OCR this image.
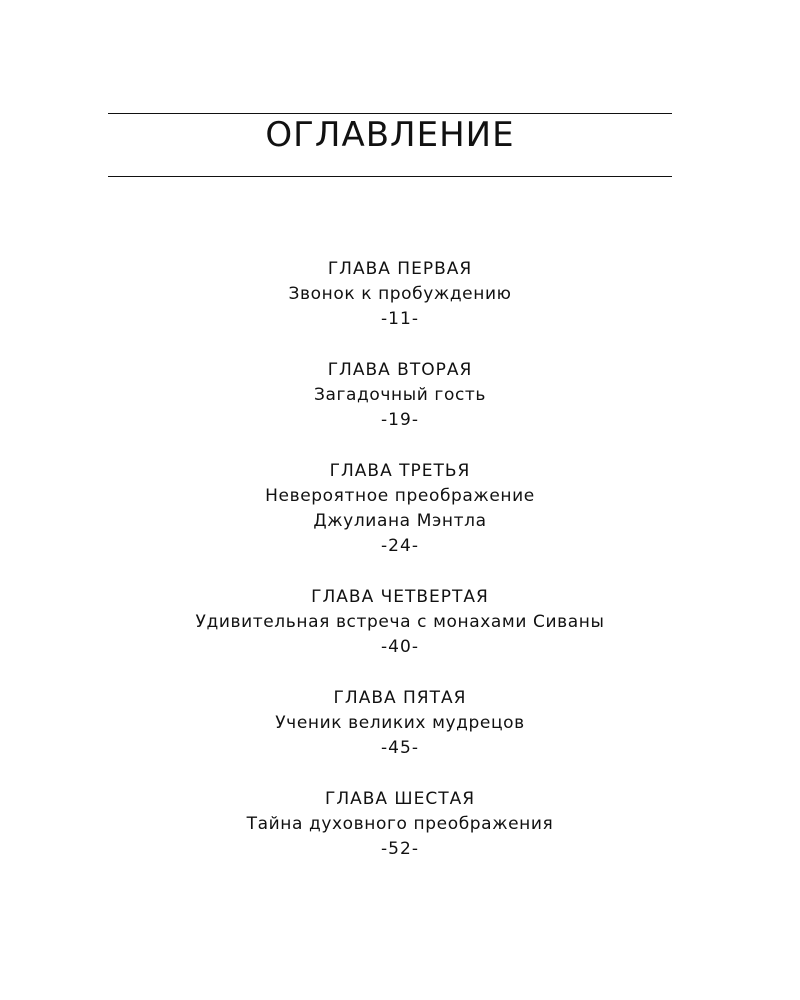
ОГЛАВЛЕНИЕ
ГЛАВА ПЕРВАЯ
Звонок к пробуждению
-11-
ГЛАВА ВТОРАЯ
Загадочный гость
-19-
ГЛАВА ТРЕТЬЯ
Невероятное преображение
Джулиана Мэнтла
-24-
ГЛАВА ЧЕТВЕРТАЯ
Удивительная встреча с монахами Сиваны
-40-
ГЛАВА ПЯТАЯ
Ученик великих мудрецов
-45-
ГЛАВА ШЕСТАЯ
Тайна духовного преображения
-52-
